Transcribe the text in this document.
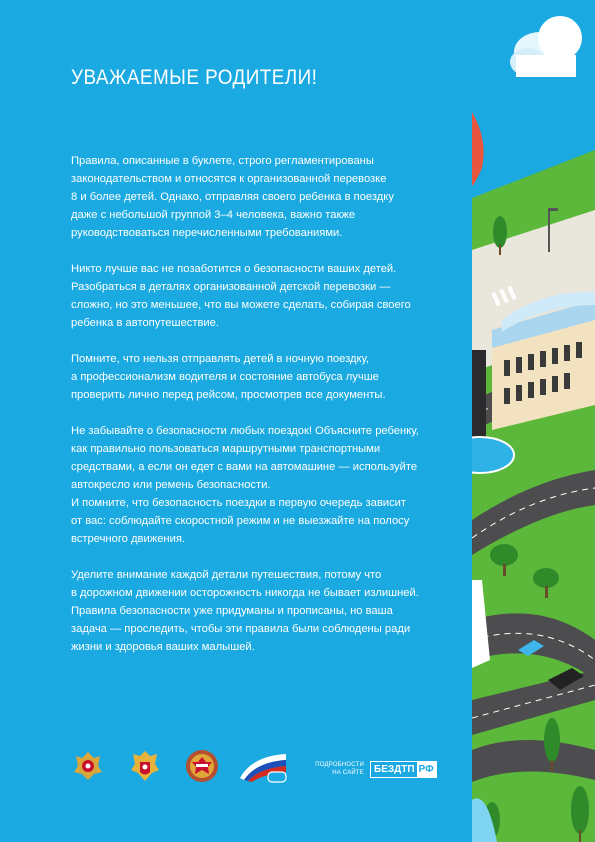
УВАЖАЕМЫЕ РОДИТЕЛИ!

Правила, описанные в буклете, строго регламентированы
законодательством и относятся к организованной перевозке
8 и более детей. Однако, отправляя своего ребенка в поездку
даже с небольшой группой 3–4 человека, важно также
руководствоваться перечисленными требованиями.

Никто лучше вас не позаботится о безопасности ваших детей.
Разобраться в деталях организованной детской перевозки —
сложно, но это меньшее, что вы можете сделать, собирая своего
ребенка в автопутешествие.

Помните, что нельзя отправлять детей в ночную поездку,
а профессионализм водителя и состояние автобуса лучше
проверить лично перед рейсом, просмотрев все документы.

Не забывайте о безопасности любых поездок! Объясните ребенку,
как правильно пользоваться маршрутными транспортными
средствами, а если он едет с вами на автомашине — используйте
автокресло или ремень безопасности.
И помните, что безопасность поездки в первую очередь зависит
от вас: соблюдайте скоростной режим и не выезжайте на полосу
встречного движения.

Уделите внимание каждой детали путешествия, потому что
в дорожном движении осторожность никогда не бывает излишней.
Правила безопасности уже придуманы и прописаны, но ваша
задача — проследить, чтобы эти правила были соблюдены ради
жизни и здоровья ваших малышей.

ПОДРОБНОСТИ НА САЙТЕ	БЕЗДТП РФ
